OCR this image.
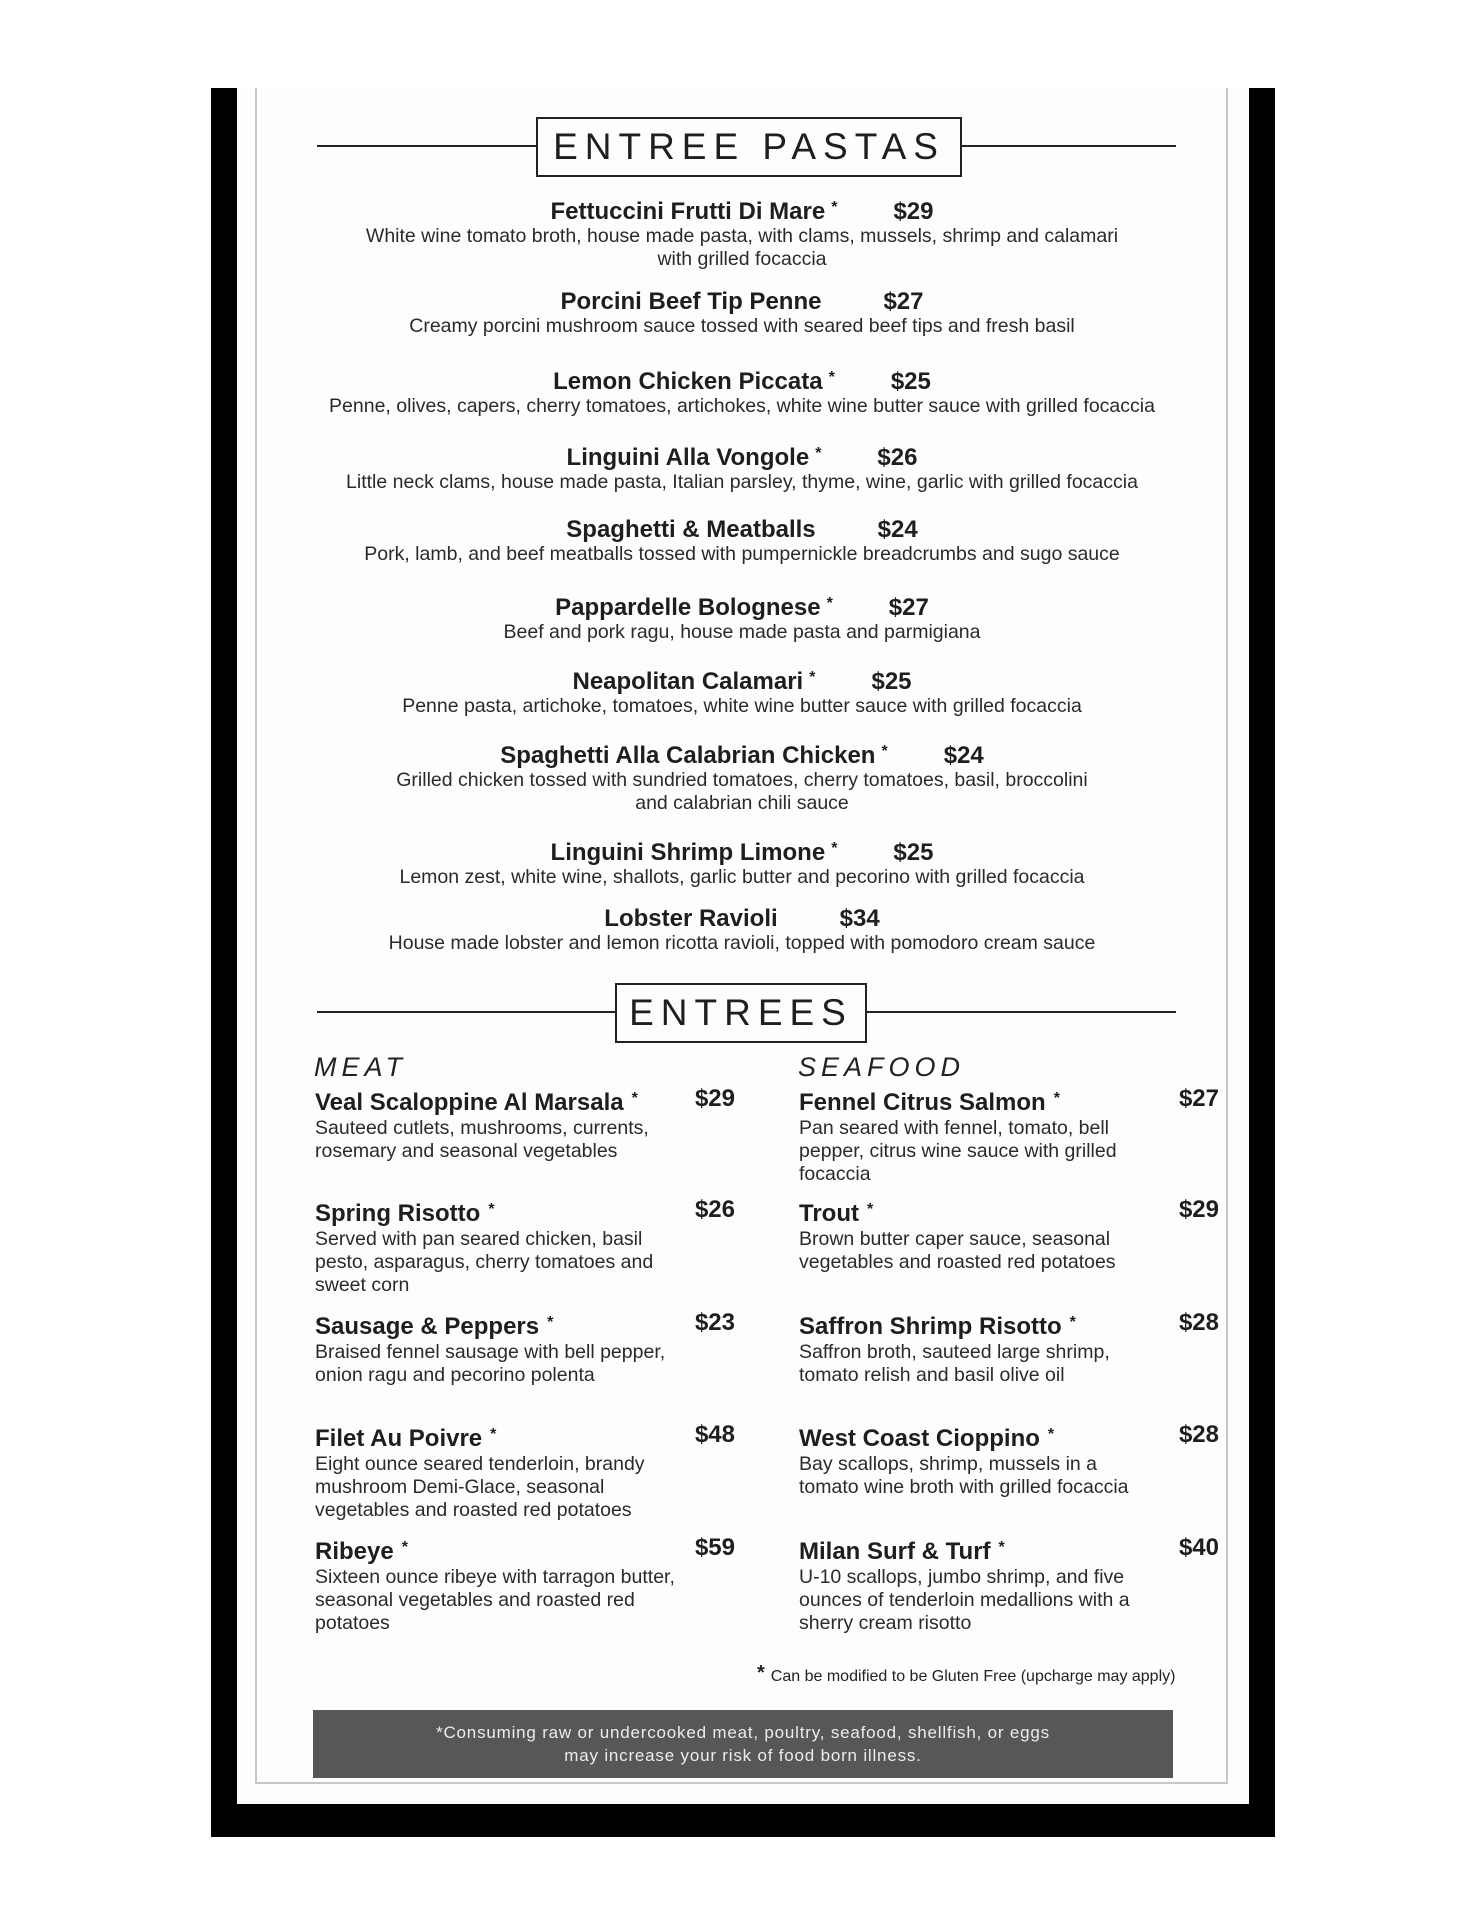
ENTREE PASTAS
Fettuccini Frutti Di Mare * $29
White wine tomato broth, house made pasta, with clams, mussels, shrimp and calamari
with grilled focaccia
Porcini Beef Tip Penne	$27
Creamy porcini mushroom sauce tossed with seared beef tips and fresh basil
Lemon Chicken Piccata * $25
Penne, olives, capers, cherry tomatoes, artichokes, white wine butter sauce with grilled focaccia
Linguini Alla Vongole * $26
Little neck clams, house made pasta, Italian parsley, thyme, wine, garlic with grilled focaccia
Spaghetti & Meatballs	$24
Pork, lamb, and beef meatballs tossed with pumpernickle breadcrumbs and sugo sauce
Pappardelle Bolognese * $27
Beef and pork ragu, house made pasta and parmigiana
Neapolitan Calamari * $25
Penne pasta, artichoke, tomatoes, white wine butter sauce with grilled focaccia
Spaghetti Alla Calabrian Chicken * $24
Grilled chicken tossed with sundried tomatoes, cherry tomatoes, basil, broccolini
and calabrian chili sauce
Linguini Shrimp Limone * $25
Lemon zest, white wine, shallots, garlic butter and pecorino with grilled focaccia
Lobster Ravioli	$34
House made lobster and lemon ricotta ravioli, topped with pomodoro cream sauce
ENTREES
MEAT	SEAFOOD
Veal Scaloppine Al Marsala * $29
Sauteed cutlets, mushrooms, currents,
rosemary and seasonal vegetables
Spring Risotto *	$26
Served with pan seared chicken, basil
pesto, asparagus, cherry tomatoes and
sweet corn
Sausage & Peppers *	$23
Braised fennel sausage with bell pepper,
onion ragu and pecorino polenta
Filet Au Poivre *	$48
Eight ounce seared tenderloin, brandy
mushroom Demi-Glace, seasonal
vegetables and roasted red potatoes
Ribeye *	$59
Sixteen ounce ribeye with tarragon butter,
seasonal vegetables and roasted red
potatoes
Fennel Citrus Salmon *	$27
Pan seared with fennel, tomato, bell
pepper, citrus wine sauce with grilled
focaccia
Trout *	$29
Brown butter caper sauce, seasonal
vegetables and roasted red potatoes
Saffron Shrimp Risotto *	$28
Saffron broth, sauteed large shrimp,
tomato relish and basil olive oil
West Coast Cioppino *	$28
Bay scallops, shrimp, mussels in a
tomato wine broth with grilled focaccia
Milan Surf & Turf *	$40
U-10 scallops, jumbo shrimp, and five
ounces of tenderloin medallions with a
sherry cream risotto
* Can be modified to be Gluten Free (upcharge may apply)
*Consuming raw or undercooked meat, poultry, seafood, shellfish, or eggs
may increase your risk of food born illness.
